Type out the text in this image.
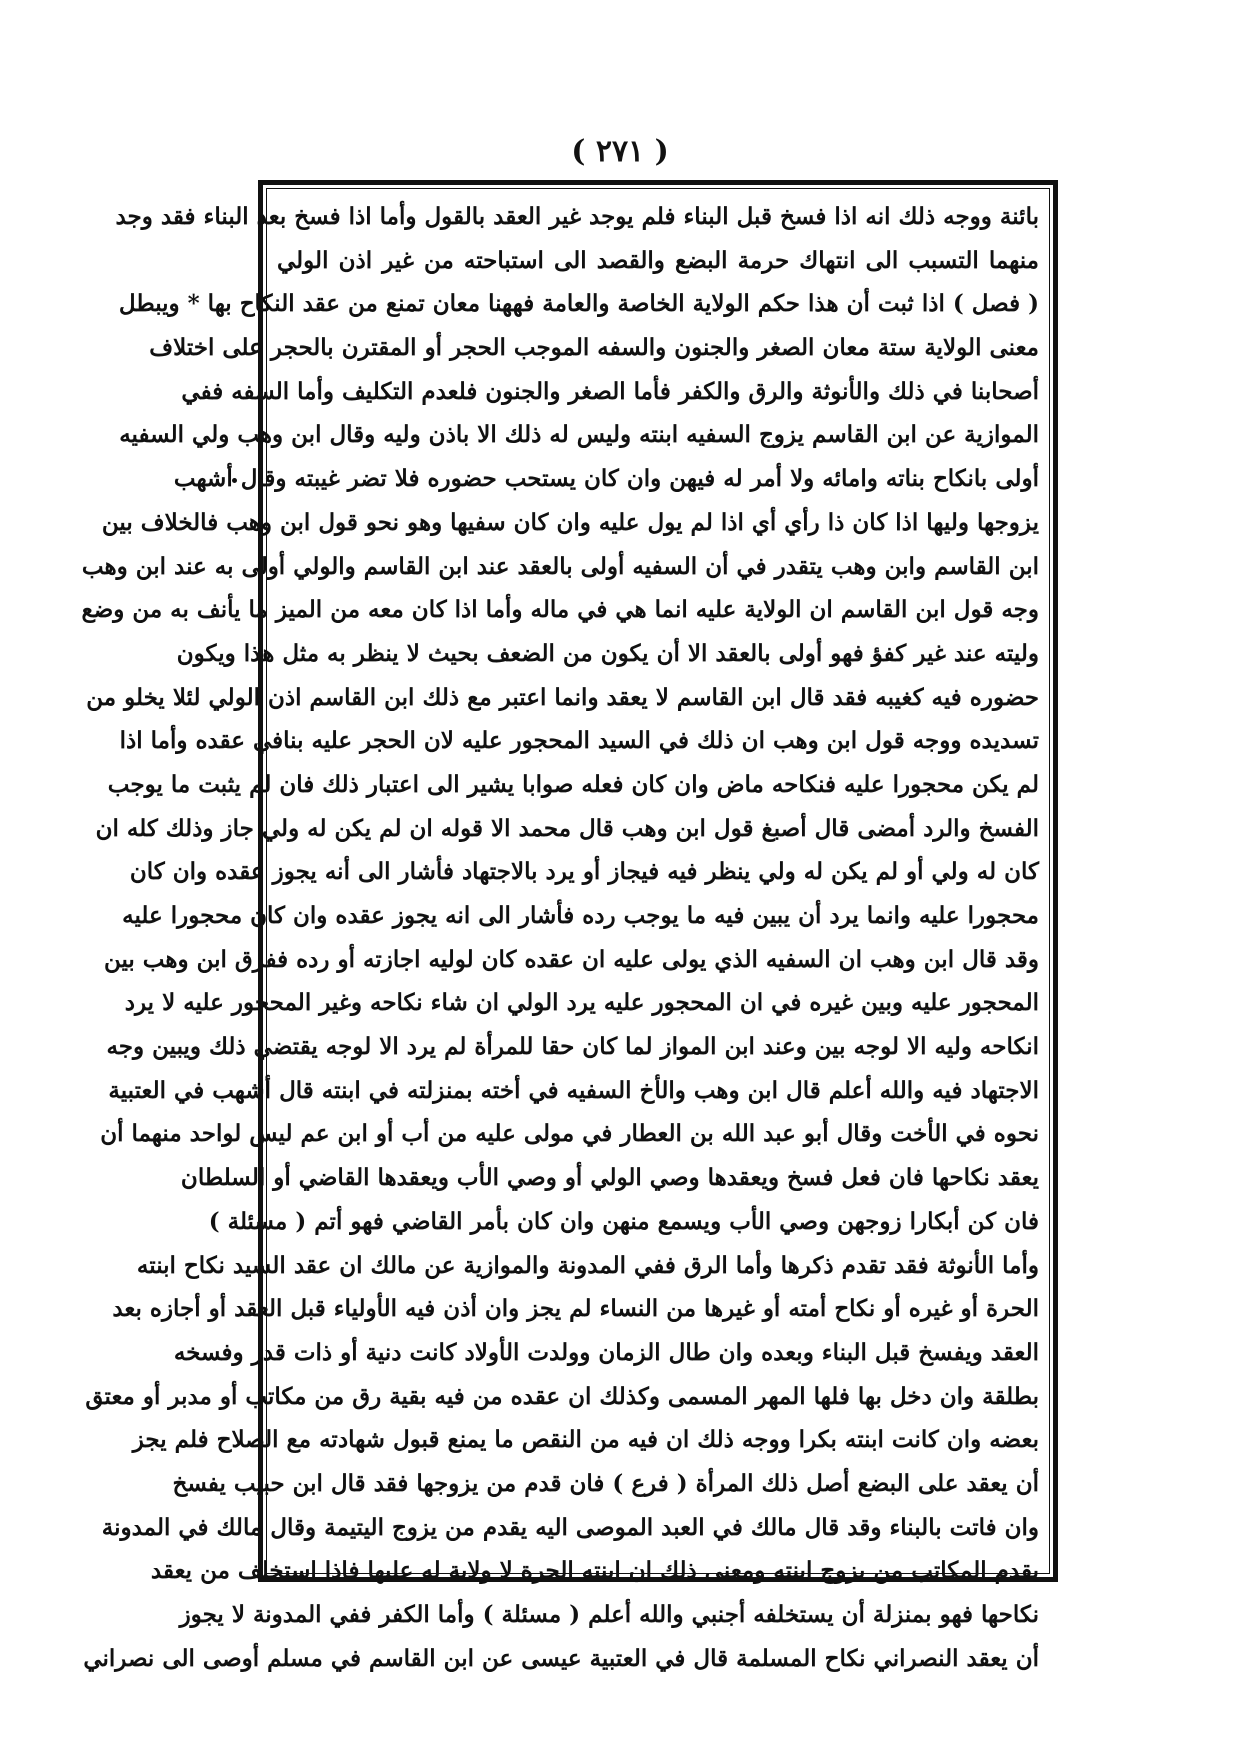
( ٢٧١ )
بائنة ووجه ذلك انه اذا فسخ قبل البناء فلم يوجد غير العقد بالقول وأما اذا فسخ بعد البناء فقد وجد
منهما التسبب الى انتهاك حرمة البضع والقصد الى استباحته من غير اذن الولي
( فصل ) اذا ثبت أن هذا حكم الولاية الخاصة والعامة فههنا معان تمنع من عقد النكاح بها * ويبطل
معنى الولاية ستة معان الصغر والجنون والسفه الموجب الحجر أو المقترن بالحجر على اختلاف
أصحابنا في ذلك والأنوثة والرق والكفر فأما الصغر والجنون فلعدم التكليف وأما السفه ففي
الموازية عن ابن القاسم يزوج السفيه ابنته وليس له ذلك الا باذن وليه وقال ابن وهب ولي السفيه
أولى بانكاح بناته وامائه ولا أمر له فيهن وان كان يستحب حضوره فلا تضر غيبته وقال أشهب
يزوجها وليها اذا كان ذا رأي أي اذا لم يول عليه وان كان سفيها وهو نحو قول ابن وهب فالخلاف بين
ابن القاسم وابن وهب يتقدر في أن السفيه أولى بالعقد عند ابن القاسم والولي أولى به عند ابن وهب
وجه قول ابن القاسم ان الولاية عليه انما هي في ماله وأما اذا كان معه من الميز ما يأنف به من وضع
وليته عند غير كفؤ فهو أولى بالعقد الا أن يكون من الضعف بحيث لا ينظر به مثل هذا ويكون
حضوره فيه كغيبه فقد قال ابن القاسم لا يعقد وانما اعتبر مع ذلك ابن القاسم اذن الولي لئلا يخلو من
تسديده ووجه قول ابن وهب ان ذلك في السيد المحجور عليه لان الحجر عليه بنافي عقده وأما اذا
لم يكن محجورا عليه فنكاحه ماض وان كان فعله صوابا يشير الى اعتبار ذلك فان لم يثبت ما يوجب
الفسخ والرد أمضى قال أصبغ قول ابن وهب قال محمد الا قوله ان لم يكن له ولي جاز وذلك كله ان
كان له ولي أو لم يكن له ولي ينظر فيه فيجاز أو يرد بالاجتهاد فأشار الى أنه يجوز عقده وان كان
محجورا عليه وانما يرد أن يبين فيه ما يوجب رده فأشار الى انه يجوز عقده وان كان محجورا عليه
وقد قال ابن وهب ان السفيه الذي يولى عليه ان عقده كان لوليه اجازته أو رده ففرق ابن وهب بين
المحجور عليه وبين غيره في ان المحجور عليه يرد الولي ان شاء نكاحه وغير المحجور عليه لا يرد
انكاحه وليه الا لوجه بين وعند ابن المواز لما كان حقا للمرأة لم يرد الا لوجه يقتضي ذلك ويبين وجه
الاجتهاد فيه والله أعلم قال ابن وهب والأخ السفيه في أخته بمنزلته في ابنته قال أشهب في العتبية
نحوه في الأخت وقال أبو عبد الله بن العطار في مولى عليه من أب أو ابن عم ليس لواحد منهما أن
يعقد نكاحها فان فعل فسخ ويعقدها وصي الولي أو وصي الأب ويعقدها القاضي أو السلطان
فان كن أبكارا زوجهن وصي الأب ويسمع منهن وان كان بأمر القاضي فهو أتم ( مسئلة )
وأما الأنوثة فقد تقدم ذكرها وأما الرق ففي المدونة والموازية عن مالك ان عقد السيد نكاح ابنته
الحرة أو غيره أو نكاح أمته أو غيرها من النساء لم يجز وان أذن فيه الأولياء قبل العقد أو أجازه بعد
العقد ويفسخ قبل البناء وبعده وان طال الزمان وولدت الأولاد كانت دنية أو ذات قدر وفسخه
بطلقة وان دخل بها فلها المهر المسمى وكذلك ان عقده من فيه بقية رق من مكاتب أو مدبر أو معتق
بعضه وان كانت ابنته بكرا ووجه ذلك ان فيه من النقص ما يمنع قبول شهادته مع الصلاح فلم يجز
أن يعقد على البضع أصل ذلك المرأة ( فرع ) فان قدم من يزوجها فقد قال ابن حبيب يفسخ
وان فاتت بالبناء وقد قال مالك في العبد الموصى اليه يقدم من يزوج اليتيمة وقال مالك في المدونة
يقدم المكاتب من يزوج ابنته ومعنى ذلك ان ابنته الحرة لا ولاية له عليها فاذا استخلف من يعقد
نكاحها فهو بمنزلة أن يستخلفه أجنبي والله أعلم ( مسئلة ) وأما الكفر ففي المدونة لا يجوز
أن يعقد النصراني نكاح المسلمة قال في العتبية عيسى عن ابن القاسم في مسلم أوصى الى نصراني
